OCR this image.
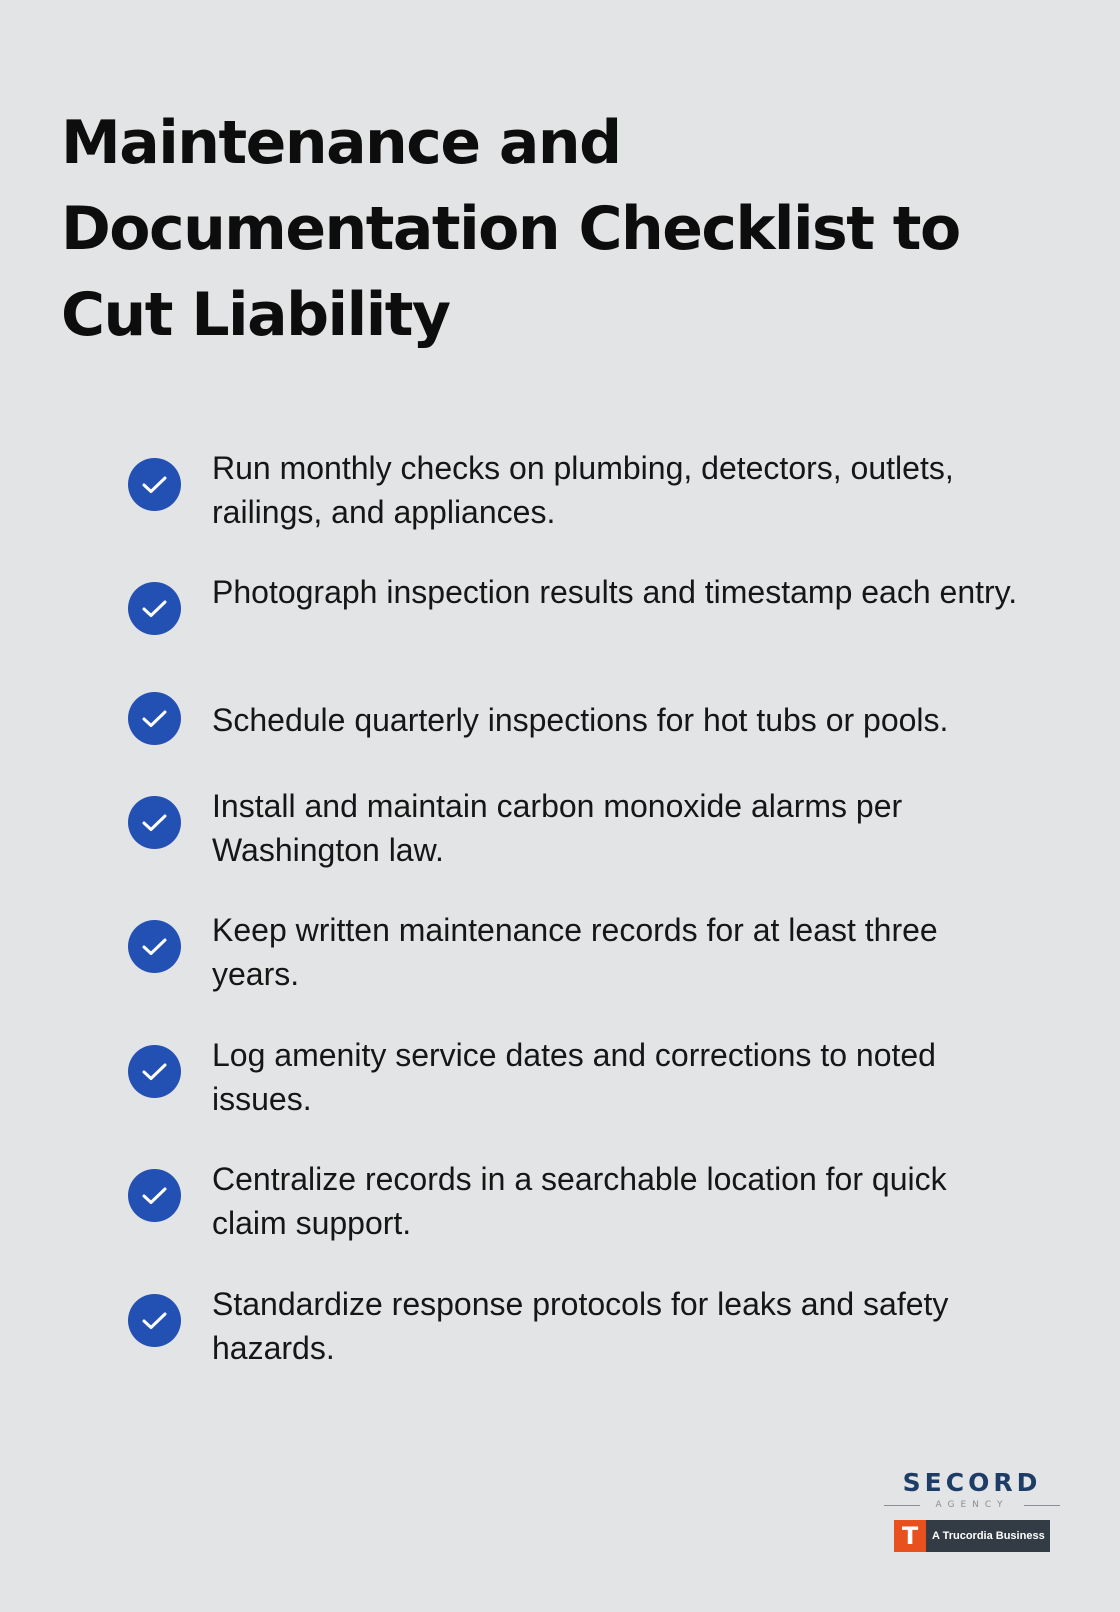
Maintenance and Documentation Checklist to Cut Liability
Run monthly checks on plumbing, detectors, outlets, railings, and appliances.
Photograph inspection results and timestamp each entry.
Schedule quarterly inspections for hot tubs or pools.
Install and maintain carbon monoxide alarms per Washington law.
Keep written maintenance records for at least three years.
Log amenity service dates and corrections to noted issues.
Centralize records in a searchable location for quick claim support.
Standardize response protocols for leaks and safety hazards.
SECORD
AGENCY
T	A Trucordia Business
